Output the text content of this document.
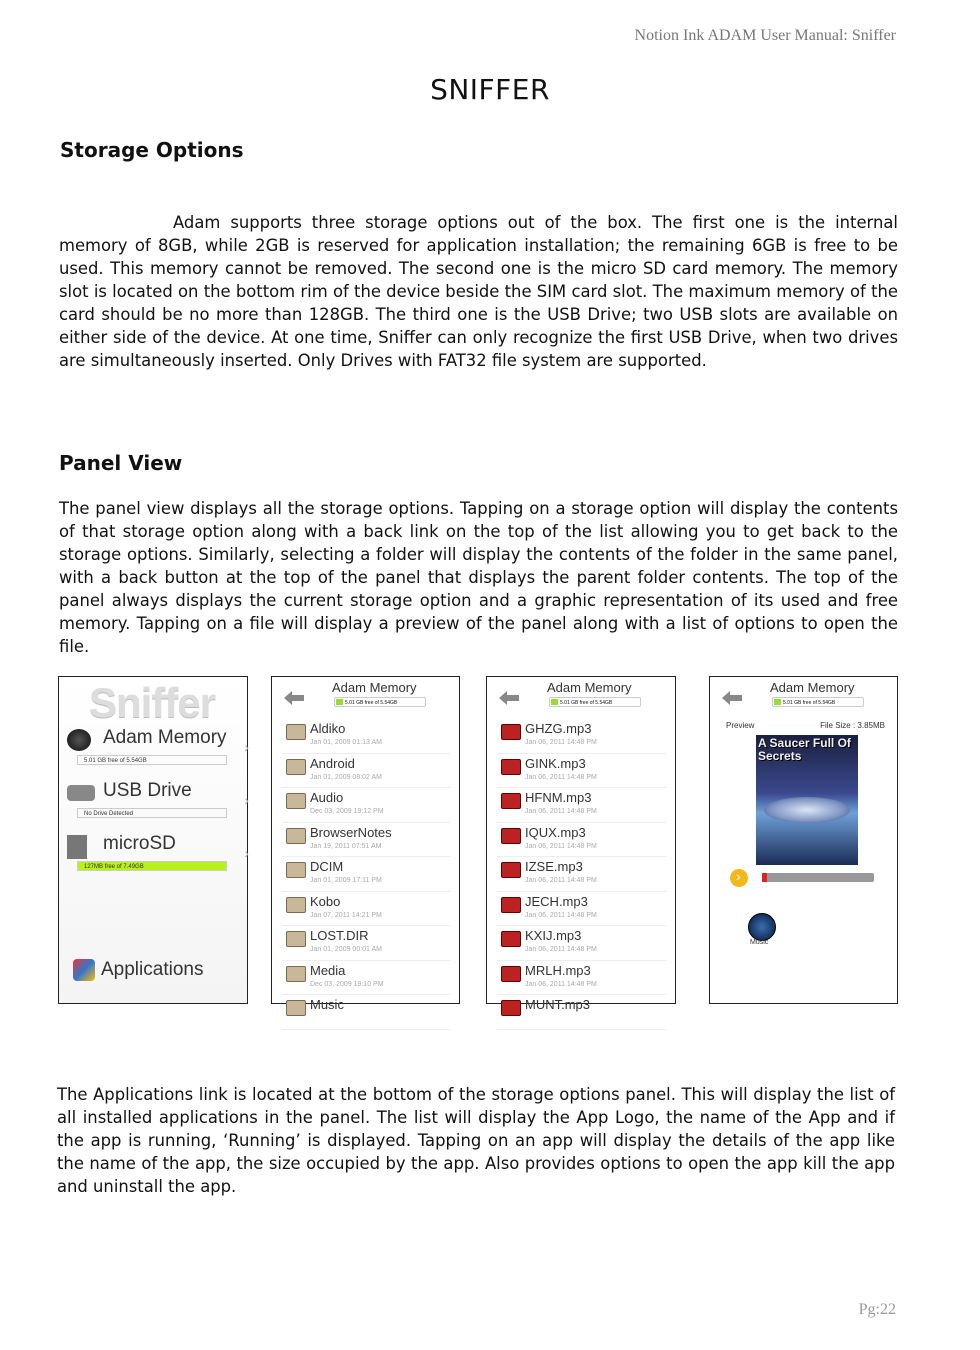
Notion Ink ADAM User Manual: Sniffer
SNIFFER
Storage Options

Adam supports three storage options out of the box. The first one is the internal memory of 8GB, while 2GB is reserved for application installation; the remaining 6GB is free to be used. This memory cannot be removed. The second one is the micro SD card memory. The memory slot is located on the bottom rim of the device beside the SIM card slot. The maximum memory of the card should be no more than 128GB. The third one is the USB Drive; two USB slots are available on either side of the device. At one time, Sniffer can only recognize the first USB Drive, when two drives are simultaneously inserted. Only Drives with FAT32 file system are supported.

Panel View

The panel view displays all the storage options. Tapping on a storage option will display the contents of that storage option along with a back link on the top of the list allowing you to get back to the storage options. Similarly, selecting a folder will display the contents of the folder in the same panel, with a back button at the top of the panel that displays the parent folder contents. The top of the panel always displays the current storage option and a graphic representation of its used and free memory. Tapping on a file will display a preview of the panel along with a list of options to open the file.

Sniffer
Adam Memory
5.01 GB free of 5.54GB
›
USB Drive
No Drive Detected
›
microSD
127MB free of 7.49GB
›
Applications
Adam Memory
5.01 GB free of 5.54GB
Aldiko
Jan 01, 2009 01:13 AM
Android
Jan 01, 2009 08:02 AM
Audio
Dec 03, 2009 19:12 PM
BrowserNotes
Jan 19, 2011 07:51 AM
DCIM
Jan 01, 2009 17:11 PM
Kobo
Jan 07, 2011 14:21 PM
LOST.DIR
Jan 01, 2009 00:01 AM
Media
Dec 03, 2009 19:10 PM
Music
Adam Memory
5.01 GB free of 5.54GB
GHZG.mp3
Jan 06, 2011 14:48 PM
GINK.mp3
Jan 06, 2011 14:48 PM
HFNM.mp3
Jan 06, 2011 14:48 PM
IQUX.mp3
Jan 06, 2011 14:48 PM
IZSE.mp3
Jan 06, 2011 14:48 PM
JECH.mp3
Jan 06, 2011 14:48 PM
KXIJ.mp3
Jan 06, 2011 14:48 PM
MRLH.mp3
Jan 06, 2011 14:48 PM
MUNT.mp3
Adam Memory
5.01 GB free of 5.54GB
Preview	File Size : 3.85MB
A Saucer Full Of Secrets
›
Music

The Applications link is located at the bottom of the storage options panel. This will display the list of all installed applications in the panel. The list will display the App Logo, the name of the App and if the app is running, ‘Running’ is displayed. Tapping on an app will display the details of the app like the name of the app, the size occupied by the app. Also provides options to open the app kill the app and uninstall the app.

Pg:22
